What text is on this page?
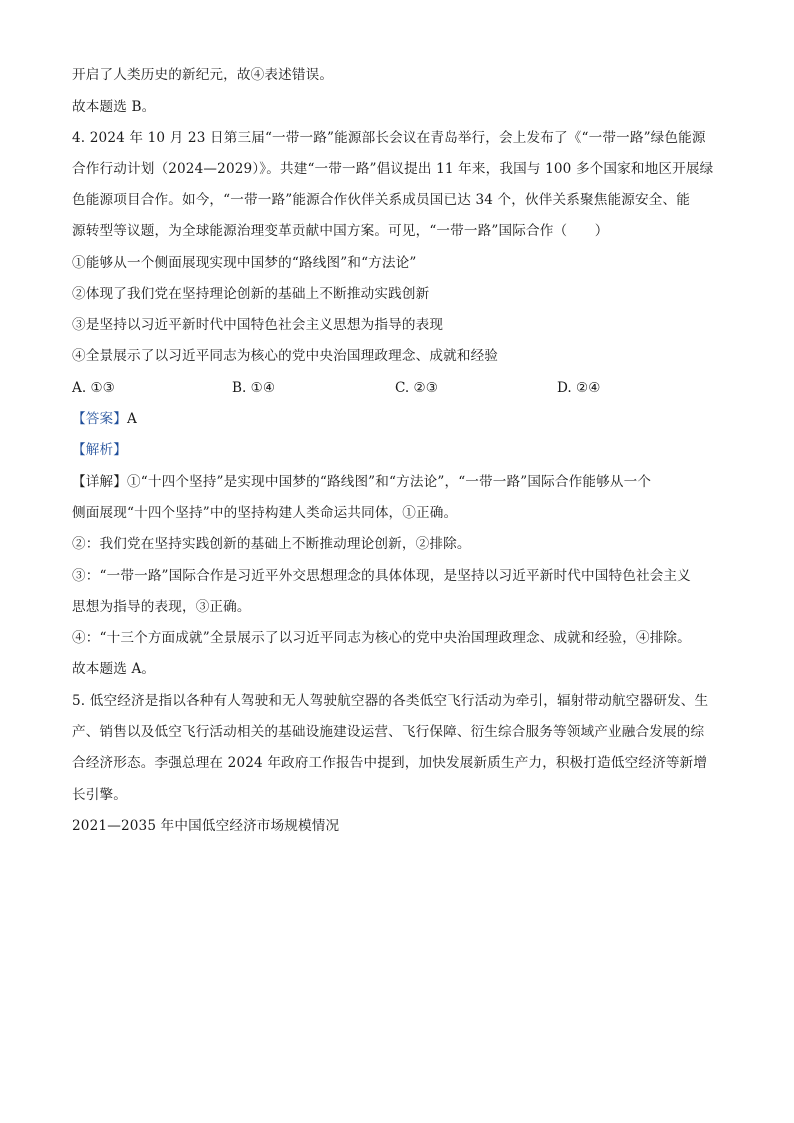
开启了人类历史的新纪元，故④表述错误。
故本题选 B。
4. 2024 年 10 月 23 日第三届“一带一路”能源部长会议在青岛举行，会上发布了《“一带一路”绿色能源
合作行动计划（2024—2029）》。共建“一带一路”倡议提出 11 年来，我国与 100 多个国家和地区开展绿
色能源项目合作。如今，“一带一路”能源合作伙伴关系成员国已达 34 个，伙伴关系聚焦能源安全、能
源转型等议题，为全球能源治理变革贡献中国方案。可见，“一带一路”国际合作（　　）
①能够从一个侧面展现实现中国梦的“路线图”和“方法论”
②体现了我们党在坚持理论创新的基础上不断推动实践创新
③是坚持以习近平新时代中国特色社会主义思想为指导的表现
④全景展示了以习近平同志为核心的党中央治国理政理念、成就和经验
A. ①③	B. ①④	C. ②③	D. ②④
【答案】A
【解析】
【详解】①“十四个坚持”是实现中国梦的“路线图”和“方法论”，“一带一路”国际合作能够从一个
侧面展现“十四个坚持”中的坚持构建人类命运共同体，①正确。
②：我们党在坚持实践创新的基础上不断推动理论创新，②排除。
③：“一带一路”国际合作是习近平外交思想理念的具体体现，是坚持以习近平新时代中国特色社会主义
思想为指导的表现，③正确。
④：“十三个方面成就”全景展示了以习近平同志为核心的党中央治国理政理念、成就和经验，④排除。
故本题选 A。
5. 低空经济是指以各种有人驾驶和无人驾驶航空器的各类低空飞行活动为牵引，辐射带动航空器研发、生
产、销售以及低空飞行活动相关的基础设施建设运营、飞行保障、衍生综合服务等领域产业融合发展的综
合经济形态。李强总理在 2024 年政府工作报告中提到，加快发展新质生产力，积极打造低空经济等新增
长引擎。
2021—2035 年中国低空经济市场规模情况
